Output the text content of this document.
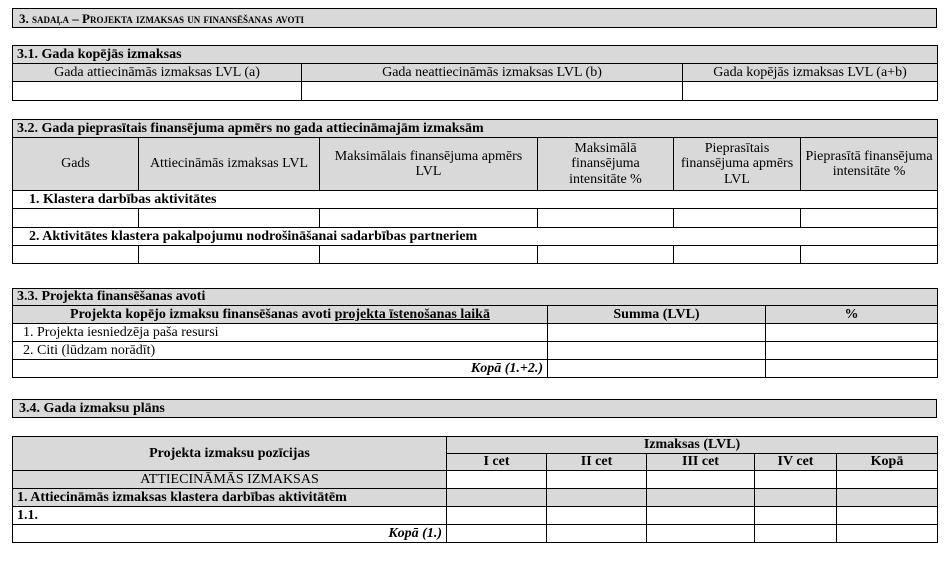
3. sadaļa – Projekta izmaksas un finansēšanas avoti
3.1. Gada kopējās izmaksas		
Gada attiecināmās izmaksas LVL (a)	Gada neattiecināmās izmaksas LVL (b)	Gada kopējās izmaksas LVL (a+b)

3.2. Gada pieprasītais finansējuma apmērs no gada attiecināmajām izmaksām					
Gads	Attiecināmās izmaksas LVL	Maksimālais finansējuma apmērs LVL	Maksimālā finansējuma intensitāte %	Pieprasītais finansējuma apmērs LVL	Pieprasītā finansējuma intensitāte %
1. Klastera darbības aktivitātes					

2. Aktivitātes klastera pakalpojumu nodrošināšanai sadarbības partneriem					

3.3. Projekta finansēšanas avoti		
Projekta kopējo izmaksu finansēšanas avoti projekta īstenošanas laikā	Summa (LVL)	%
1. Projekta iesniedzēja paša resursi		
2. Citi (lūdzam norādīt)		
Kopā (1.+2.)		
3.4. Gada izmaksu plāns
Projekta izmaksu pozīcijas	Izmaksas (LVL)				
	I cet	II cet	III cet	IV cet	Kopā
ATTIECINĀMĀS IZMAKSAS					
1. Attiecināmās izmaksas klastera darbības aktivitātēm					
1.1.					
Kopā (1.)					
